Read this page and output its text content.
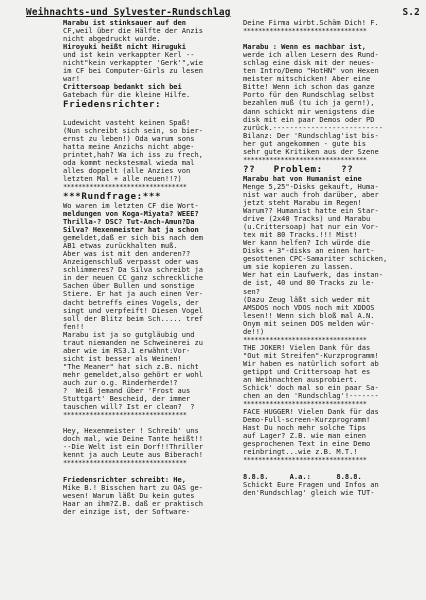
Weihnachts-und Sylvester-Rundschlag	S.2
Marabu ist stinksauer auf den
CF,weil über die Hälfte der Anzis
nicht abgedruckt wurde.
Hiroyuki heißt nicht Hiruguki
und ist kein verkappter Kerl --
nicht"kein verkappter 'Gerk'",wie
im CF bei Computer-Girls zu lesen
war!
Crittersoap bedankt sich bei
Gatebach für die kleine Hilfe.
Friedensrichter:
Ludewicht vasteht keinen Spaß!
(Nun schreibt sich sein, so bier-
ernst zu leben!) Oda warum sons
hatta meine Anzichs nicht abge-
printet,hah? Wa ich iss zu frech,
oda kommt neckstesmal wieda mal
alles doppelt (alle Anzies von
letzten Mal + alle neuen!!?)
*********************************
***Rundfrage:***
Wo waren im letzten CF die Wort-
meldungen von Koga-Miyata? WEEE?
Thrilla-? DSC? Tut-Anch-Amun?Da
Silva? Hexenmeister hat ja schon
gemeldet,daß er sich bis nach dem
AB1 etwas zurückhalten muß.
Aber was ist mit den anderen??
Anzeigenschluß verpasst oder was
schlimmeres? Da Silva schreibt ja
in der neuen CC ganz schreckliche
Sachen über Bullen und sonstige
Stiere. Er hat ja auch einen Ver-
dacht betreffs eines Vogels, der
singt und verpfeift! Diesen Vogel
soll der Blitz beim Sch..... tref
fen!!
Marabu ist ja so gutgläubig und
traut niemanden ne Schweinerei zu
aber wie im RS3.1 erwähnt:Vor-
sicht ist besser als Weinen!
"The Meaner" hat sich z.B. nicht
mehr gemeldet,also gehört er wohl
auch zur o.g. Rinderherde!?
?  Weiß jemand über 'Frost aus
Stuttgart' Bescheid, der immer
tauschen will? Ist er clean?  ?
*********************************
Hey, Hexenmeister ! Schreib' uns
doch mal, wie Deine Tante heißt!!
--Die Welt ist ein Dorf!!Thriller
kennt ja auch Leute aus Biberach!
*********************************
Friedensrichter schreibt: He,
Mike B.! Bisschen hart zu OAS ge-
wesen! Warum läßt Du kein gutes
Haar an ihm?Z.B. daß er praktisch
der einzige ist, der Software-
Deine Firma wirbt.Schäm Dich! F.
*********************************
Marabu : Wenn es machbar ist,
werde ich allen Lesern des Rund-
schlag eine disk mit der neues-
ten Intro/Demo "HotHN" von Hexen
meister mitschicken! Aber eine
Bitte! Wenn ich schon das ganze
Porto für den Rundschlag selbst
bezahlen muß (tu ich ja gern!),
dann schickt mir wenigstens die
disk mit ein paar Demos oder PD
zurück.--------------------------
Bilanz: Der 'Rundschlag'ist bis-
her gut angekommen - gute bis
sehr gute Kritiken aus der Szene
*********************************
??   Problem:   ??
Marabu hat von Humanist eine
Menge 5,25"-Disks gekauft, Huma-
nist war auch froh darüber, aber
jetzt steht Marabu im Regen!
Warum?? Humanist hatte ein Star-
drive (2x40 Tracks) und Marabu
(u.Crittersoap) hat nur ein Vor-
tex mit 80 Tracks.!!! Mist!
Wer kann helfen? Ich würde die
Disks + 3"-disks an einen hart-
gesottenen CPC-Samariter schicken,
um sie kopieren zu lassen.
Wer hat ein Laufwerk, das instan-
de ist, 40 und 80 Tracks zu le-
sen?
(Dazu Zeug läßt sich weder mit
AMSDOS noch VDOS noch mit XDDOS
lesen!! Wenn sich bloß mal A.N.
Onym mit seinen DOS melden wür-
de!!)
*********************************
THE JOKER! Vielen Dank für das
"Out mit Streifen"-Kurzprogramm!
Wir haben es natürlich sofort ab
getippt und Crittersoap hat es
an Weihnachten ausprobiert.
Schick' doch mal so ein paar Sa-
chen an den 'Rundschlag'!-------
*********************************
FACE HUGGER! Vielen Dank für das
Demo-Full-screen-Kurzprogramm!
Hast Du noch mehr solche Tips
auf Lager? Z.B. wie man einen
gesprochenen Text in eine Demo
reinbringt...wie z.B. M.T.!
*********************************
8.8.8.     A.a.:      8.8.8.
Schickt Eure Fragen und Infos an
den'Rundschlag' gleich wie TUT-
